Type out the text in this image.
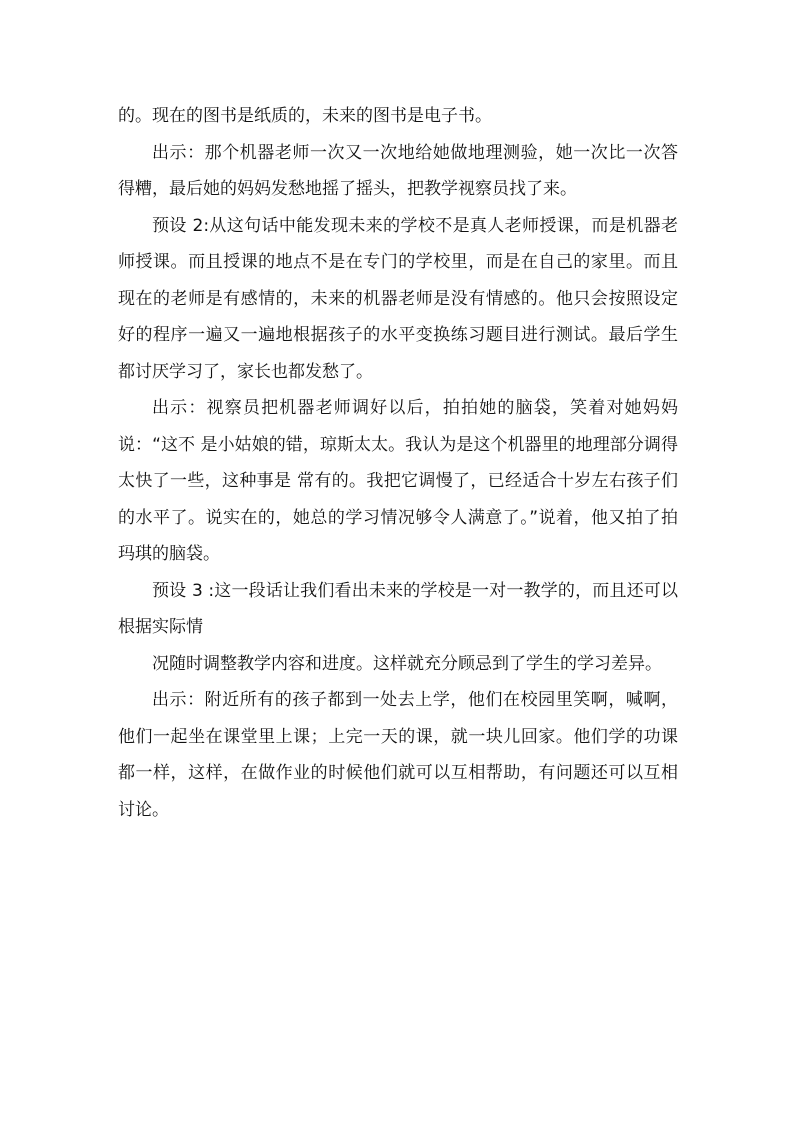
的。现在的图书是纸质的，未来的图书是电子书。

出示：那个机器老师一次又一次地给她做地理测验，她一次比一次答得糟，最后她的妈妈发愁地摇了摇头，把教学视察员找了来。

预设 2:从这句话中能发现未来的学校不是真人老师授课，而是机器老师授课。而且授课的地点不是在专门的学校里，而是在自己的家里。而且现在的老师是有感情的，未来的机器老师是没有情感的。他只会按照设定好的程序一遍又一遍地根据孩子的水平变换练习题目进行测试。最后学生都讨厌学习了，家长也都发愁了。

出示：视察员把机器老师调好以后，拍拍她的脑袋，笑着对她妈妈说：“这不 是小姑娘的错，琼斯太太。我认为是这个机器里的地理部分调得太快了一些，这种事是 常有的。我把它调慢了，已经适合十岁左右孩子们的水平了。说实在的，她总的学习情况够令人满意了。”说着，他又拍了拍玛琪的脑袋。

预设 3 :这一段话让我们看出未来的学校是一对一教学的，而且还可以根据实际情

况随时调整教学内容和进度。这样就充分顾忌到了学生的学习差异。

出示：附近所有的孩子都到一处去上学，他们在校园里笑啊，喊啊，他们一起坐在课堂里上课；上完一天的课，就一块儿回家。他们学的功课都一样，这样，在做作业的时候他们就可以互相帮助，有问题还可以互相讨论。
